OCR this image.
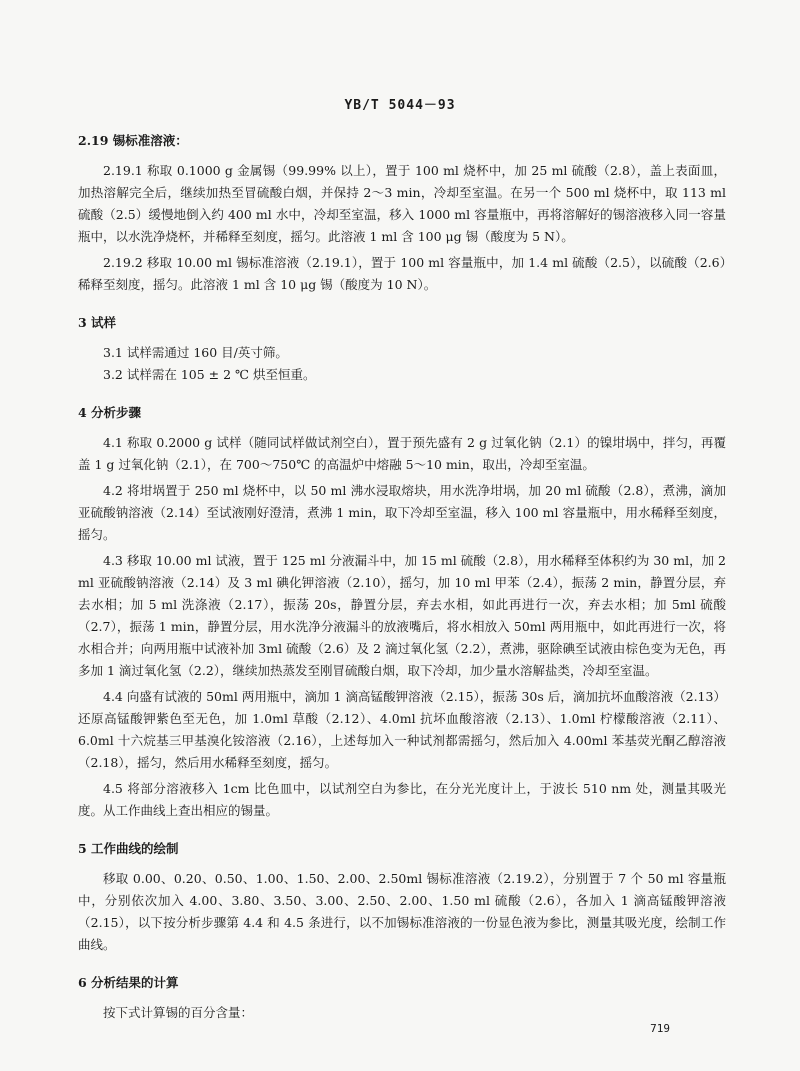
YB/T 5044－93

2.19 锡标准溶液：

2.19.1 称取 0.1000 g 金属锡（99.99% 以上），置于 100 ml 烧杯中，加 25 ml 硫酸（2.8），盖上表面皿，加热溶解完全后，继续加热至冒硫酸白烟，并保持 2～3 min，冷却至室温。在另一个 500 ml 烧杯中，取 113 ml 硫酸（2.5）缓慢地倒入约 400 ml 水中，冷却至室温，移入 1000 ml 容量瓶中，再将溶解好的锡溶液移入同一容量瓶中，以水洗净烧杯，并稀释至刻度，摇匀。此溶液 1 ml 含 100 μg 锡（酸度为 5 N）。

2.19.2 移取 10.00 ml 锡标准溶液（2.19.1），置于 100 ml 容量瓶中，加 1.4 ml 硫酸（2.5），以硫酸（2.6）稀释至刻度，摇匀。此溶液 1 ml 含 10 μg 锡（酸度为 10 N）。

3 试样

3.1 试样需通过 160 目/英寸筛。

3.2 试样需在 105 ± 2 ℃ 烘至恒重。

4 分析步骤

4.1 称取 0.2000 g 试样（随同试样做试剂空白），置于预先盛有 2 g 过氧化钠（2.1）的镍坩埚中，拌匀，再覆盖 1 g 过氧化钠（2.1），在 700～750℃ 的高温炉中熔融 5～10 min，取出，冷却至室温。

4.2 将坩埚置于 250 ml 烧杯中，以 50 ml 沸水浸取熔块，用水洗净坩埚，加 20 ml 硫酸（2.8），煮沸，滴加亚硫酸钠溶液（2.14）至试液刚好澄清，煮沸 1 min，取下冷却至室温，移入 100 ml 容量瓶中，用水稀释至刻度，摇匀。

4.3 移取 10.00 ml 试液，置于 125 ml 分液漏斗中，加 15 ml 硫酸（2.8），用水稀释至体积约为 30 ml，加 2 ml 亚硫酸钠溶液（2.14）及 3 ml 碘化钾溶液（2.10），摇匀，加 10 ml 甲苯（2.4），振荡 2 min，静置分层，弃去水相；加 5 ml 洗涤液（2.17），振荡 20s，静置分层，弃去水相，如此再进行一次，弃去水相；加 5ml 硫酸（2.7），振荡 1 min，静置分层，用水洗净分液漏斗的放液嘴后，将水相放入 50ml 两用瓶中，如此再进行一次，将水相合并；向两用瓶中试液补加 3ml 硫酸（2.6）及 2 滴过氧化氢（2.2），煮沸，驱除碘至试液由棕色变为无色，再多加 1 滴过氧化氢（2.2），继续加热蒸发至刚冒硫酸白烟，取下冷却，加少量水溶解盐类，冷却至室温。

4.4 向盛有试液的 50ml 两用瓶中，滴加 1 滴高锰酸钾溶液（2.15），振荡 30s 后，滴加抗坏血酸溶液（2.13）还原高锰酸钾紫色至无色，加 1.0ml 草酸（2.12）、4.0ml 抗坏血酸溶液（2.13）、1.0ml 柠檬酸溶液（2.11）、6.0ml 十六烷基三甲基溴化铵溶液（2.16），上述每加入一种试剂都需摇匀，然后加入 4.00ml 苯基荧光酮乙醇溶液（2.18），摇匀，然后用水稀释至刻度，摇匀。

4.5 将部分溶液移入 1cm 比色皿中，以试剂空白为参比，在分光光度计上，于波长 510 nm 处，测量其吸光度。从工作曲线上查出相应的锡量。

5 工作曲线的绘制

移取 0.00、0.20、0.50、1.00、1.50、2.00、2.50ml 锡标准溶液（2.19.2），分别置于 7 个 50 ml 容量瓶中，分别依次加入 4.00、3.80、3.50、3.00、2.50、2.00、1.50 ml 硫酸（2.6），各加入 1 滴高锰酸钾溶液（2.15），以下按分析步骤第 4.4 和 4.5 条进行，以不加锡标准溶液的一份显色液为参比，测量其吸光度，绘制工作曲线。

6 分析结果的计算

按下式计算锡的百分含量：

719
